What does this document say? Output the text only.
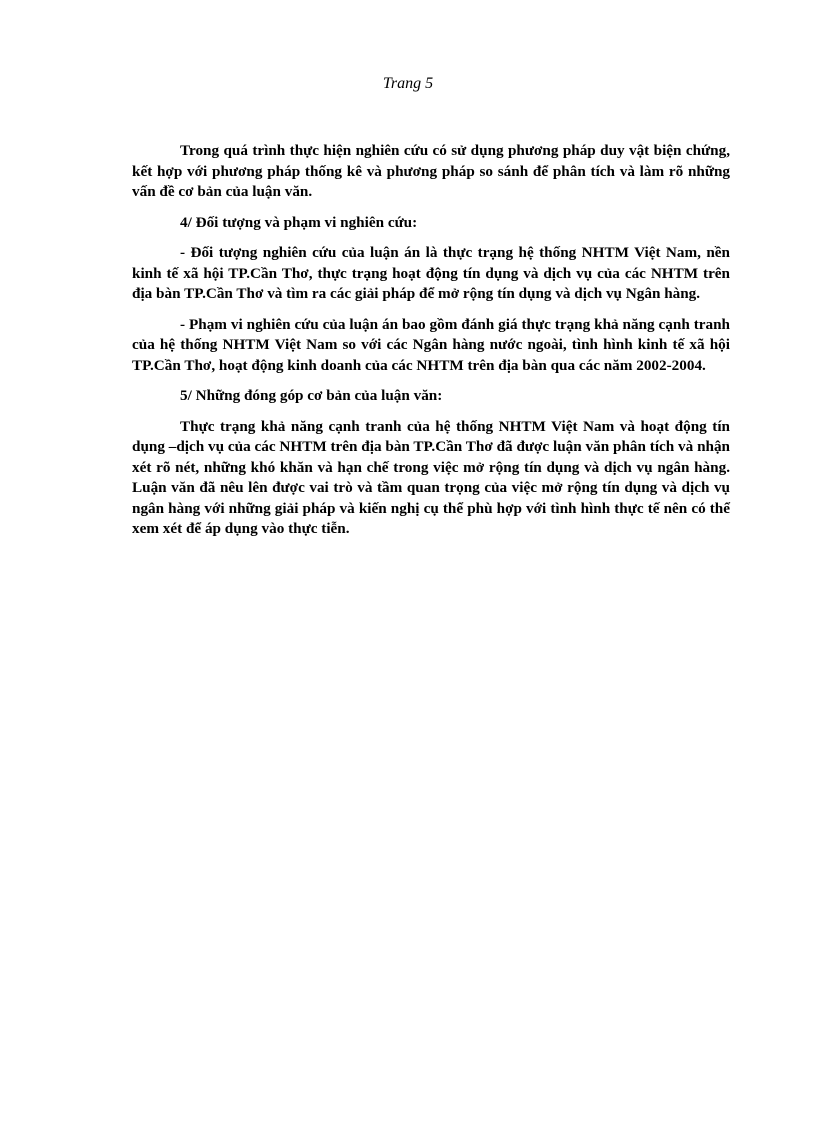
Trang 5

Trong quá trình thực hiện nghiên cứu có sử dụng phương pháp duy vật biện chứng, kết hợp với phương pháp thống kê và phương pháp so sánh để phân tích và làm rõ những vấn đề cơ bản của luận văn.

4/ Đối tượng và phạm vi nghiên cứu:

- Đối tượng nghiên cứu của luận án là thực trạng hệ thống NHTM Việt Nam, nền kinh tế xã hội TP.Cần Thơ, thực trạng hoạt động tín dụng và dịch vụ của các NHTM trên địa bàn TP.Cần Thơ và tìm ra các giải pháp để mở rộng tín dụng và dịch vụ Ngân hàng.

- Phạm vi nghiên cứu của luận án bao gồm đánh giá thực trạng khả năng cạnh tranh của hệ thống NHTM Việt Nam so với các Ngân hàng nước ngoài, tình hình kinh tế xã hội TP.Cần Thơ, hoạt động kinh doanh của các NHTM trên địa bàn qua các năm 2002-2004.

5/ Những đóng góp cơ bản của luận văn:

Thực trạng khả năng cạnh tranh của hệ thống NHTM Việt Nam và hoạt động tín dụng –dịch vụ của các NHTM trên địa bàn TP.Cần Thơ đã được luận văn phân tích và nhận xét rõ nét, những khó khăn và hạn chế trong việc mở rộng tín dụng và dịch vụ ngân hàng. Luận văn đã nêu lên được vai trò và tầm quan trọng của việc mở rộng tín dụng và dịch vụ ngân hàng với những giải pháp và kiến nghị cụ thể phù hợp với tình hình thực tế nên có thể xem xét để áp dụng vào thực tiễn.
